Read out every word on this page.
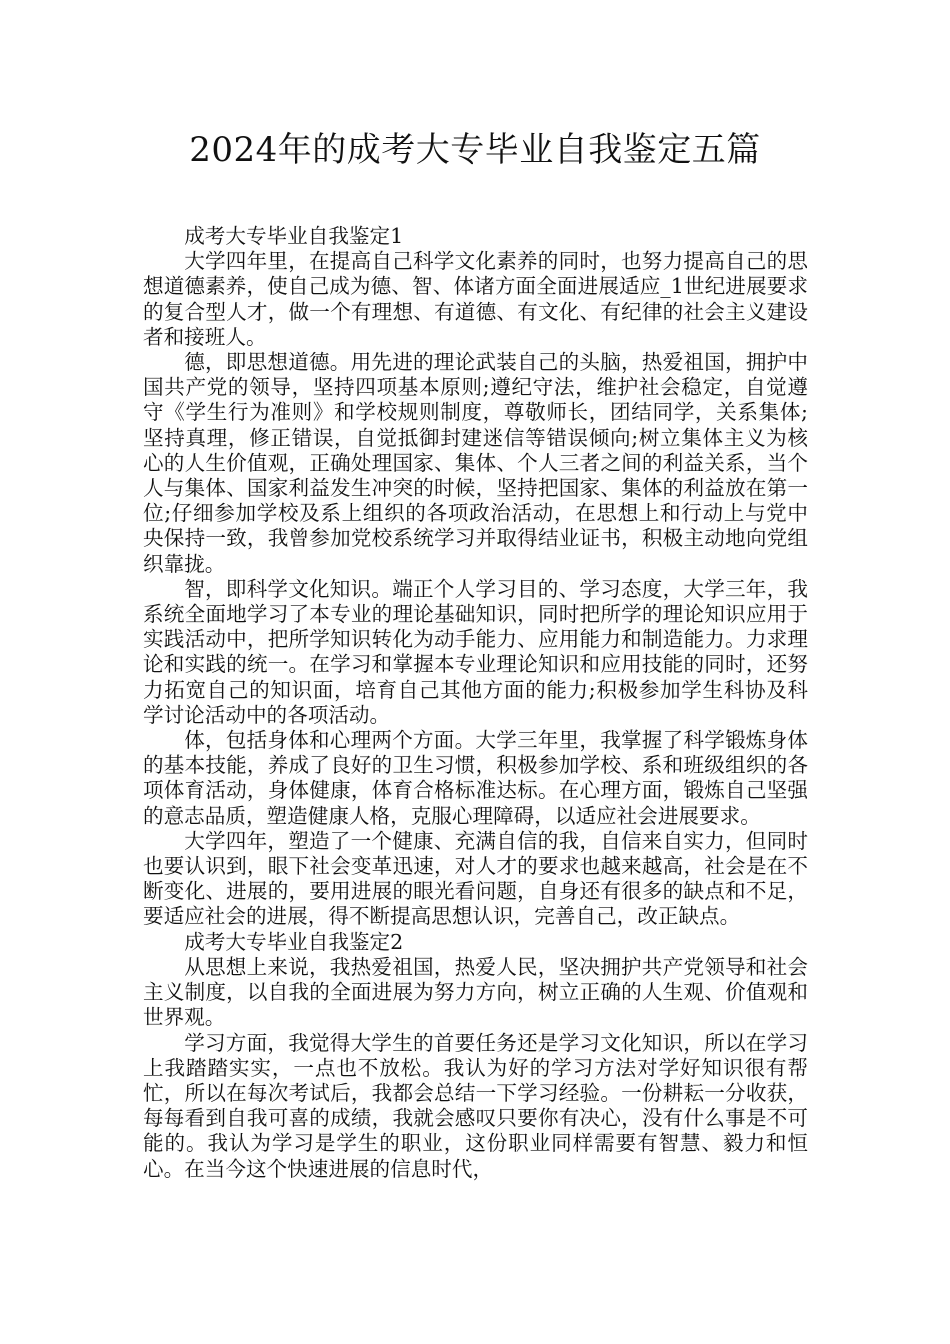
2024年的成考大专毕业自我鉴定五篇

成考大专毕业自我鉴定1

大学四年里，在提高自己科学文化素养的同时，也努力提高自己的思想道德素养，使自己成为德、智、体诸方面全面进展适应_1世纪进展要求的复合型人才，做一个有理想、有道德、有文化、有纪律的社会主义建设者和接班人。

德，即思想道德。用先进的理论武装自己的头脑，热爱祖国，拥护中国共产党的领导，坚持四项基本原则;遵纪守法，维护社会稳定，自觉遵守《学生行为准则》和学校规则制度，尊敬师长，团结同学，关系集体;坚持真理，修正错误，自觉抵御封建迷信等错误倾向;树立集体主义为核心的人生价值观，正确处理国家、集体、个人三者之间的利益关系，当个人与集体、国家利益发生冲突的时候，坚持把国家、集体的利益放在第一位;仔细参加学校及系上组织的各项政治活动，在思想上和行动上与党中央保持一致，我曾参加党校系统学习并取得结业证书，积极主动地向党组织靠拢。

智，即科学文化知识。端正个人学习目的、学习态度，大学三年，我系统全面地学习了本专业的理论基础知识，同时把所学的理论知识应用于实践活动中，把所学知识转化为动手能力、应用能力和制造能力。力求理论和实践的统一。在学习和掌握本专业理论知识和应用技能的同时，还努力拓宽自己的知识面，培育自己其他方面的能力;积极参加学生科协及科学讨论活动中的各项活动。

体，包括身体和心理两个方面。大学三年里，我掌握了科学锻炼身体的基本技能，养成了良好的卫生习惯，积极参加学校、系和班级组织的各项体育活动，身体健康，体育合格标准达标。在心理方面，锻炼自己坚强的意志品质，塑造健康人格，克服心理障碍，以适应社会进展要求。

大学四年，塑造了一个健康、充满自信的我，自信来自实力，但同时也要认识到，眼下社会变革迅速，对人才的要求也越来越高，社会是在不断变化、进展的，要用进展的眼光看问题，自身还有很多的缺点和不足，要适应社会的进展，得不断提高思想认识，完善自己，改正缺点。

成考大专毕业自我鉴定2

从思想上来说，我热爱祖国，热爱人民，坚决拥护共产党领导和社会主义制度，以自我的全面进展为努力方向，树立正确的人生观、价值观和世界观。

学习方面，我觉得大学生的首要任务还是学习文化知识，所以在学习上我踏踏实实，一点也不放松。我认为好的学习方法对学好知识很有帮忙，所以在每次考试后，我都会总结一下学习经验。一份耕耘一分收获，每每看到自我可喜的成绩，我就会感叹只要你有决心，没有什么事是不可能的。我认为学习是学生的职业，这份职业同样需要有智慧、毅力和恒心。在当今这个快速进展的信息时代，
